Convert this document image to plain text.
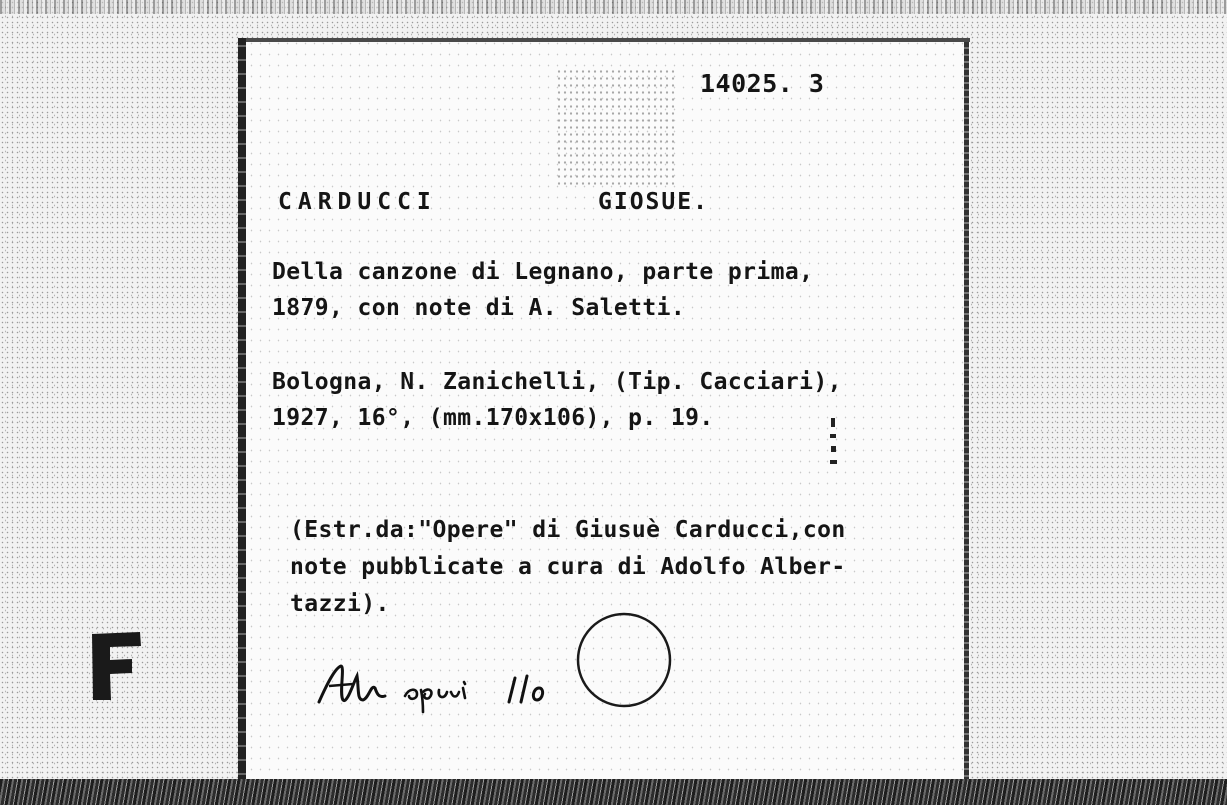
14025. 3
CARDUCCI	GIOSUE.
Della canzone di Legnano, parte prima,
1879, con note di A. Saletti.
Bologna, N. Zanichelli, (Tip. Cacciari),
1927, 16°, (mm.170x106), p. 19.
(Estr.da:"Opere" di Giusuè Carducci,con
note pubblicate a cura di Adolfo Alber-
tazzi).
